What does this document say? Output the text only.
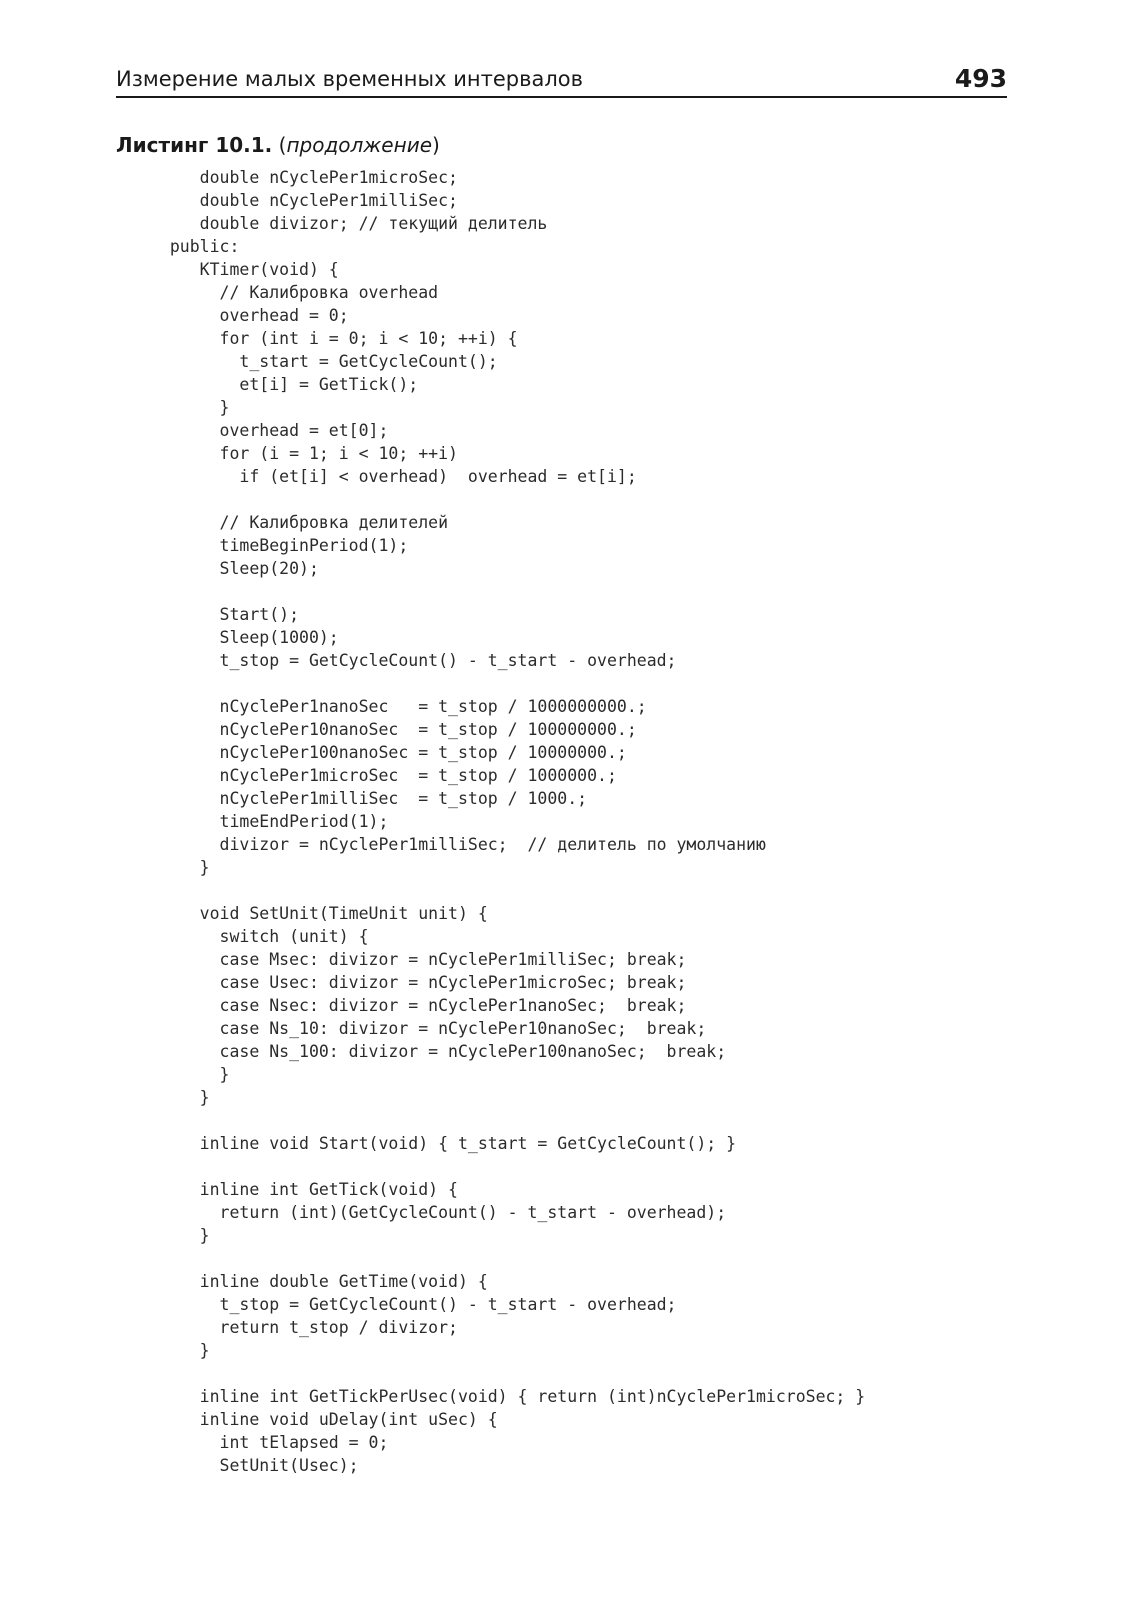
Измерение малых временных интервалов	493
Листинг 10.1. (продолжение)
double nCyclePer1microSec;
double nCyclePer1milliSec;
double divizor; // текущий делитель
public:
KTimer(void) {
// Калибровка overhead
overhead = 0;
for (int i = 0; i < 10; ++i) {
t_start = GetCycleCount();
et[i] = GetTick();
}
overhead = et[0];
for (i = 1; i < 10; ++i)
if (et[i] < overhead)  overhead = et[i];
// Калибровка делителей
timeBeginPeriod(1);
Sleep(20);
Start();
Sleep(1000);
t_stop = GetCycleCount() - t_start - overhead;
nCyclePer1nanoSec   = t_stop / 1000000000.;
nCyclePer10nanoSec  = t_stop / 100000000.;
nCyclePer100nanoSec = t_stop / 10000000.;
nCyclePer1microSec  = t_stop / 1000000.;
nCyclePer1milliSec  = t_stop / 1000.;
timeEndPeriod(1);
divizor = nCyclePer1milliSec;  // делитель по умолчанию
}
void SetUnit(TimeUnit unit) {
switch (unit) {
case Msec: divizor = nCyclePer1milliSec; break;
case Usec: divizor = nCyclePer1microSec; break;
case Nsec: divizor = nCyclePer1nanoSec;  break;
case Ns_10: divizor = nCyclePer10nanoSec;  break;
case Ns_100: divizor = nCyclePer100nanoSec;  break;
}
}
inline void Start(void) { t_start = GetCycleCount(); }
inline int GetTick(void) {
return (int)(GetCycleCount() - t_start - overhead);
}
inline double GetTime(void) {
t_stop = GetCycleCount() - t_start - overhead;
return t_stop / divizor;
}
inline int GetTickPerUsec(void) { return (int)nCyclePer1microSec; }
inline void uDelay(int uSec) {
int tElapsed = 0;
SetUnit(Usec);
